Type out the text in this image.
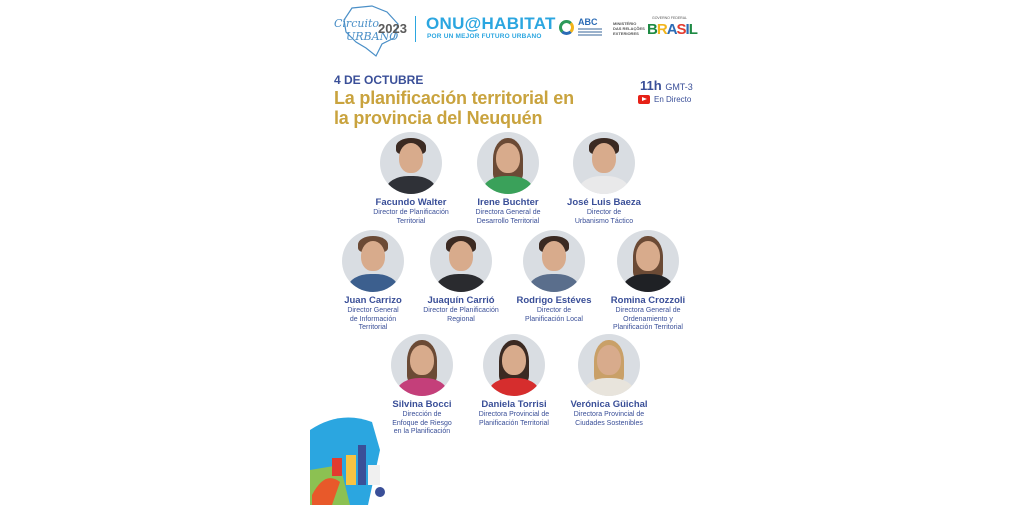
Circuito
URBANO
2023 ONU@HABITAT
POR UN MEJOR FUTURO URBANO
ABC	MINISTÉRIO DAS RELAÇÕES EXTERIORES
GOVERNO FEDERAL
BRASIL
4 DE OCTUBRE
La planificación territorial en la provincia del Neuquén
11h GMT-3
En Directo
Facundo Walter
Director de Planificación Territorial
Irene Buchter
Directora General de Desarrollo Territorial
José Luis Baeza
Director de Urbanismo Táctico
Juan Carrizo
Director General de Información Territorial
Juaquín Carrió
Director de Planificación Regional
Rodrigo Estéves
Director de Planificación Local
Romina Crozzoli
Directora General de Ordenamiento y Planificación Territorial
Silvina Bocci
Dirección de Enfoque de Riesgo en la Planificación
Daniela Torrisi
Directora Provincial de Planificación Territorial
Verónica Güichal
Directora Provincial de Ciudades Sostenibles
